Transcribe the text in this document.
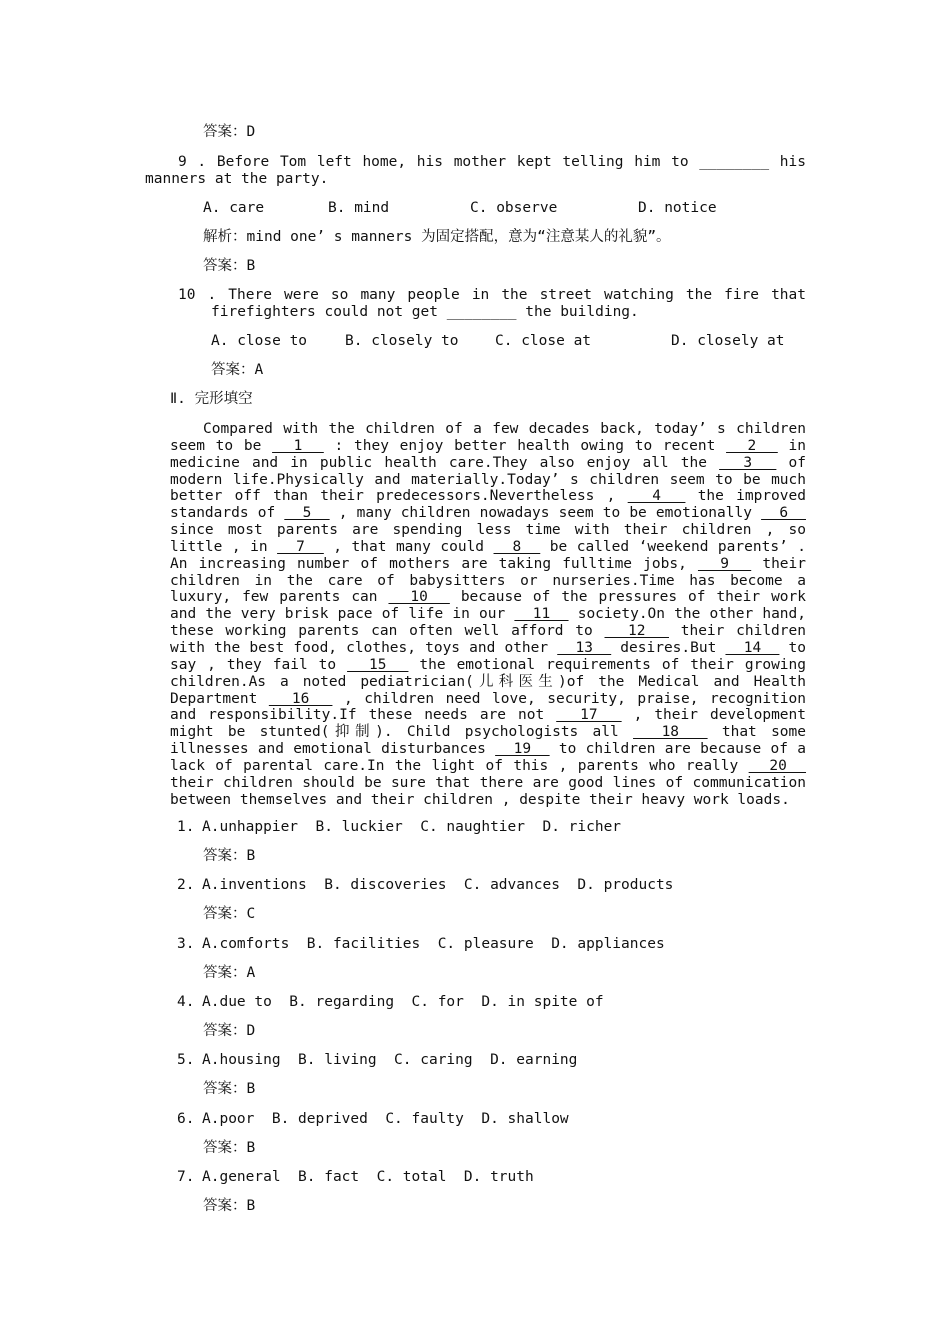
答案：D
9 . Before Tom left home, his mother kept telling him to ________ his
manners at the party.
A. care	B. mind	C. observe	D. notice
解析：mind one’ s manners 为固定搭配，意为“注意某人的礼貌”。
答案：B
10 . There were so many people in the street watching the fire that
firefighters could not get ________ the building.
A. close to	B. closely to	C. close at	D. closely at
答案：A
Ⅱ. 完形填空

Compared with the children of a few decades back, today’ s children seem to be   1   : they enjoy better health owing to recent   2   in medicine and in public health care.They also enjoy all the   3   of modern life.Physically and materially.Today’ s children seem to be much better off than their predecessors.Nevertheless ,   4   the improved standards of   5   , many children nowadays seem to be emotionally   6   since most parents are spending less time with their children , so little , in   7   , that many could   8   be called ‘weekend parents’ . An increasing number of mothers are taking fulltime jobs,   9   their children in the care of babysitters or nurseries.Time has become a luxury, few parents can   10   because of the pressures of their work and the very brisk pace of life in our   11   society.On the other hand, these working parents can often well afford to   12   their children with the best food, clothes, toys and other   13   desires.But   14   to say , they fail to   15   the emotional requirements of their growing children.As a noted pediatrician(儿科医生)of the Medical and Health Department   16   , children need love, security, praise, recognition and responsibility.If these needs are not   17   , their development might be stunted(抑制). Child psychologists all   18   that some illnesses and emotional disturbances   19   to children are because of a lack of parental care.In the light of this , parents who really   20   their children should be sure that there are good lines of communication between themselves and their children , despite their heavy work loads.

1. A.unhappier  B. luckier  C. naughtier  D. richer
答案：B
2. A.inventions  B. discoveries  C. advances  D. products
答案：C
3. A.comforts  B. facilities  C. pleasure  D. appliances
答案：A
4. A.due to  B. regarding  C. for  D. in spite of
答案：D
5. A.housing  B. living  C. caring  D. earning
答案：B
6. A.poor  B. deprived  C. faulty  D. shallow
答案：B
7. A.general  B. fact  C. total  D. truth
答案：B
